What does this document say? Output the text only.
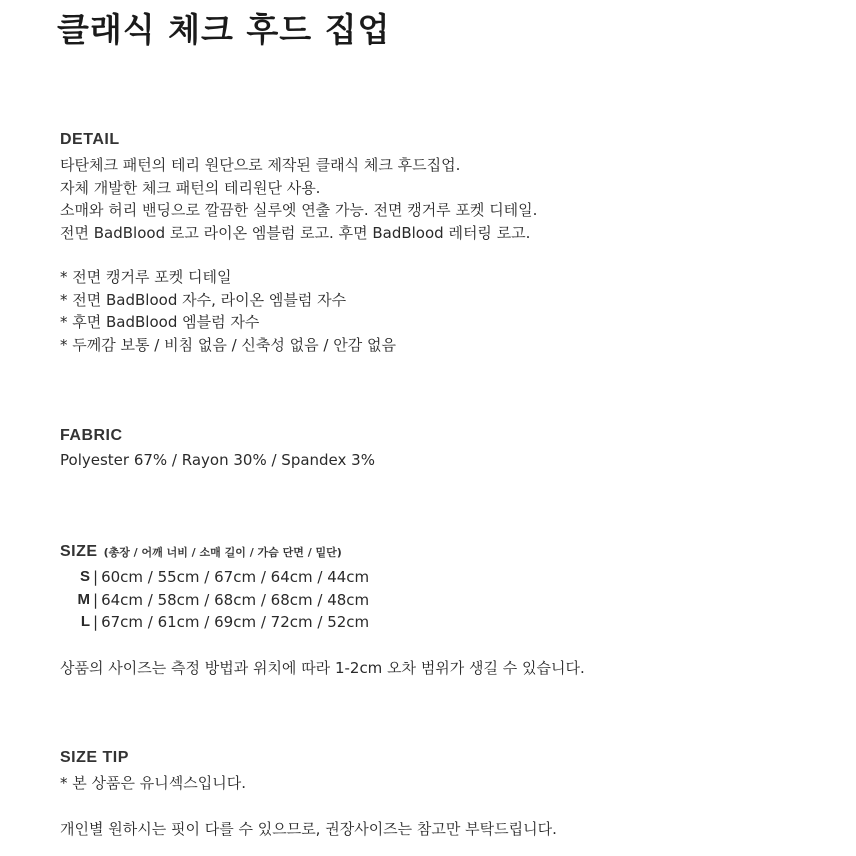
클래식 체크 후드 집업
DETAIL
타탄체크 패턴의 테리 원단으로 제작된 클래식 체크 후드집업.
자체 개발한 체크 패턴의 테리원단 사용.
소매와 허리 밴딩으로 깔끔한 실루엣 연출 가능. 전면 캥거루 포켓 디테일.
전면 BadBlood 로고 라이온 엠블럼 로고. 후면 BadBlood 레터링 로고.
* 전면 캥거루 포켓 디테일
* 전면 BadBlood 자수, 라이온 엠블럼 자수
* 후면 BadBlood 엠블럼 자수
* 두께감 보통 / 비침 없음 / 신축성 없음 / 안감 없음
FABRIC
Polyester 67% / Rayon 30% / Spandex 3%
SIZE (총장 / 어깨 너비 / 소매 길이 / 가슴 단면 / 밑단)
S | 60cm / 55cm / 67cm / 64cm / 44cm
M | 64cm / 58cm / 68cm / 68cm / 48cm
L | 67cm / 61cm / 69cm / 72cm / 52cm
상품의 사이즈는 측정 방법과 위치에 따라 1-2cm 오차 범위가 생길 수 있습니다.
SIZE TIP
* 본 상품은 유니섹스입니다.
개인별 원하시는 핏이 다를 수 있으므로, 권장사이즈는 참고만 부탁드립니다.
